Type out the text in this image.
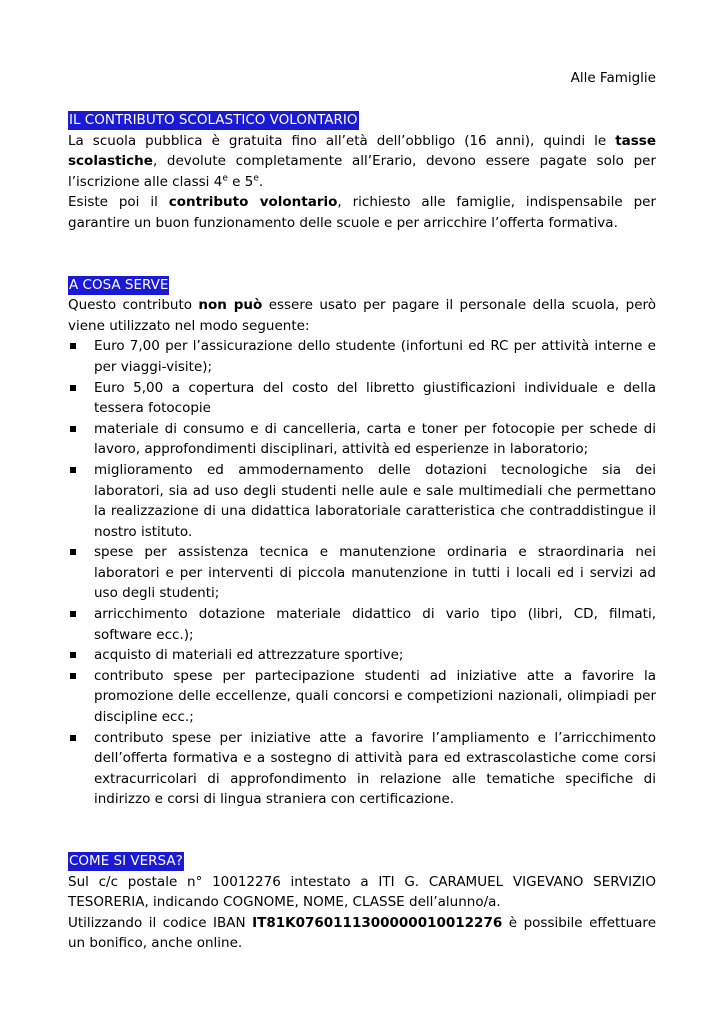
Alle Famiglie
IL CONTRIBUTO SCOLASTICO VOLONTARIO

La scuola pubblica è gratuita fino all’età dell’obbligo (16 anni), quindi le tasse scolastiche, devolute completamente all’Erario, devono essere pagate solo per l’iscrizione alle classi 4e e 5e.

Esiste poi il contributo volontario, richiesto alle famiglie, indispensabile per garantire un buon funzionamento delle scuole e per arricchire l’offerta formativa.

A COSA SERVE

Questo contributo non può essere usato per pagare il personale della scuola, però viene utilizzato nel modo seguente:

Euro 7,00 per l’assicurazione dello studente (infortuni ed RC per attività interne e per viaggi-visite);
Euro 5,00 a copertura del costo del libretto giustificazioni individuale e della tessera fotocopie
materiale di consumo e di cancelleria, carta e toner per fotocopie per schede di lavoro, approfondimenti disciplinari, attività ed esperienze in laboratorio;
miglioramento ed ammodernamento delle dotazioni tecnologiche sia dei laboratori, sia ad uso degli studenti nelle aule e sale multimediali che permettano la realizzazione di una didattica laboratoriale caratteristica che contraddistingue il nostro istituto.
spese per assistenza tecnica e manutenzione ordinaria e straordinaria nei laboratori e per interventi di piccola manutenzione in tutti i locali ed i servizi ad uso degli studenti;
arricchimento dotazione materiale didattico di vario tipo (libri, CD, filmati, software ecc.);
acquisto di materiali ed attrezzature sportive;
contributo spese per partecipazione studenti ad iniziative atte a favorire la promozione delle eccellenze, quali concorsi e competizioni nazionali, olimpiadi per discipline ecc.;
contributo spese per iniziative atte a favorire l’ampliamento e l’arricchimento dell’offerta formativa e a sostegno di attività para ed extrascolastiche come corsi extracurricolari di approfondimento in relazione alle tematiche specifiche di indirizzo e corsi di lingua straniera con certificazione.
COME SI VERSA?

Sul c/c postale n° 10012276 intestato a ITI G. CARAMUEL VIGEVANO SERVIZIO TESORERIA, indicando COGNOME, NOME, CLASSE dell’alunno/a.

Utilizzando il codice IBAN IT81K0760111300000010012276 è possibile effettuare un bonifico, anche online.
